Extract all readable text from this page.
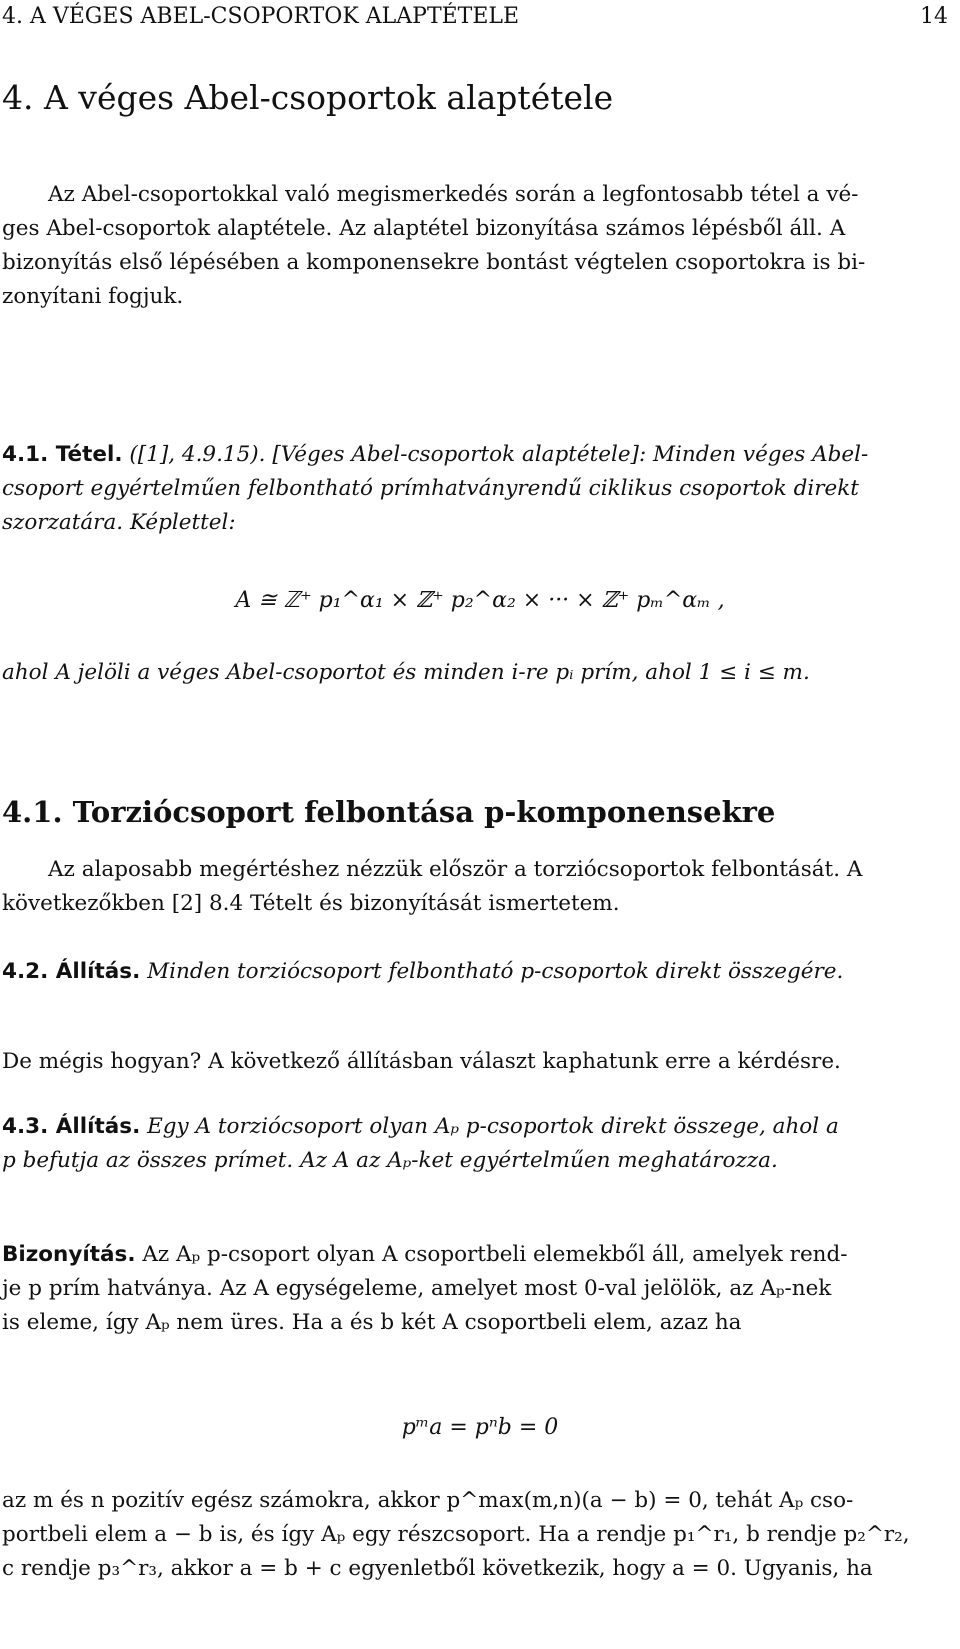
4. A VÉGES ABEL-CSOPORTOK ALAPTÉTELE	14
4. A véges Abel-csoportok alaptétele
Az Abel-csoportokkal való megismerkedés során a legfontosabb tétel a vé-
ges Abel-csoportok alaptétele. Az alaptétel bizonyítása számos lépésből áll. A
bizonyítás első lépésében a komponensekre bontást végtelen csoportokra is bi-
zonyítani fogjuk.
4.1. Tétel. ([1], 4.9.15). [Véges Abel-csoportok alaptétele]: Minden véges Abel-
csoport egyértelműen felbontható prímhatványrendű ciklikus csoportok direkt
szorzatára. Képlettel:
A ≅ ℤ⁺ p₁^α₁ × ℤ⁺ p₂^α₂ × ··· × ℤ⁺ pₘ^αₘ ,
ahol A jelöli a véges Abel-csoportot és minden i-re pᵢ prím, ahol 1 ≤ i ≤ m.
4.1. Torziócsoport felbontása p-komponensekre
Az alaposabb megértéshez nézzük először a torziócsoportok felbontását. A
következőkben [2] 8.4 Tételt és bizonyítását ismertetem.
4.2. Állítás. Minden torziócsoport felbontható p-csoportok direkt összegére.
De mégis hogyan? A következő állításban választ kaphatunk erre a kérdésre.
4.3. Állítás. Egy A torziócsoport olyan Aₚ p-csoportok direkt összege, ahol a
p befutja az összes prímet. Az A az Aₚ-ket egyértelműen meghatározza.
Bizonyítás. Az Aₚ p-csoport olyan A csoportbeli elemekből áll, amelyek rend-
je p prím hatványa. Az A egységeleme, amelyet most 0-val jelölök, az Aₚ-nek
is eleme, így Aₚ nem üres. Ha a és b két A csoportbeli elem, azaz ha
pᵐa = pⁿb = 0
az m és n pozitív egész számokra, akkor p^max(m,n)(a − b) = 0, tehát Aₚ cso-
portbeli elem a − b is, és így Aₚ egy részcsoport. Ha a rendje p₁^r₁, b rendje p₂^r₂,
c rendje p₃^r₃, akkor a = b + c egyenletből következik, hogy a = 0. Ugyanis, ha
